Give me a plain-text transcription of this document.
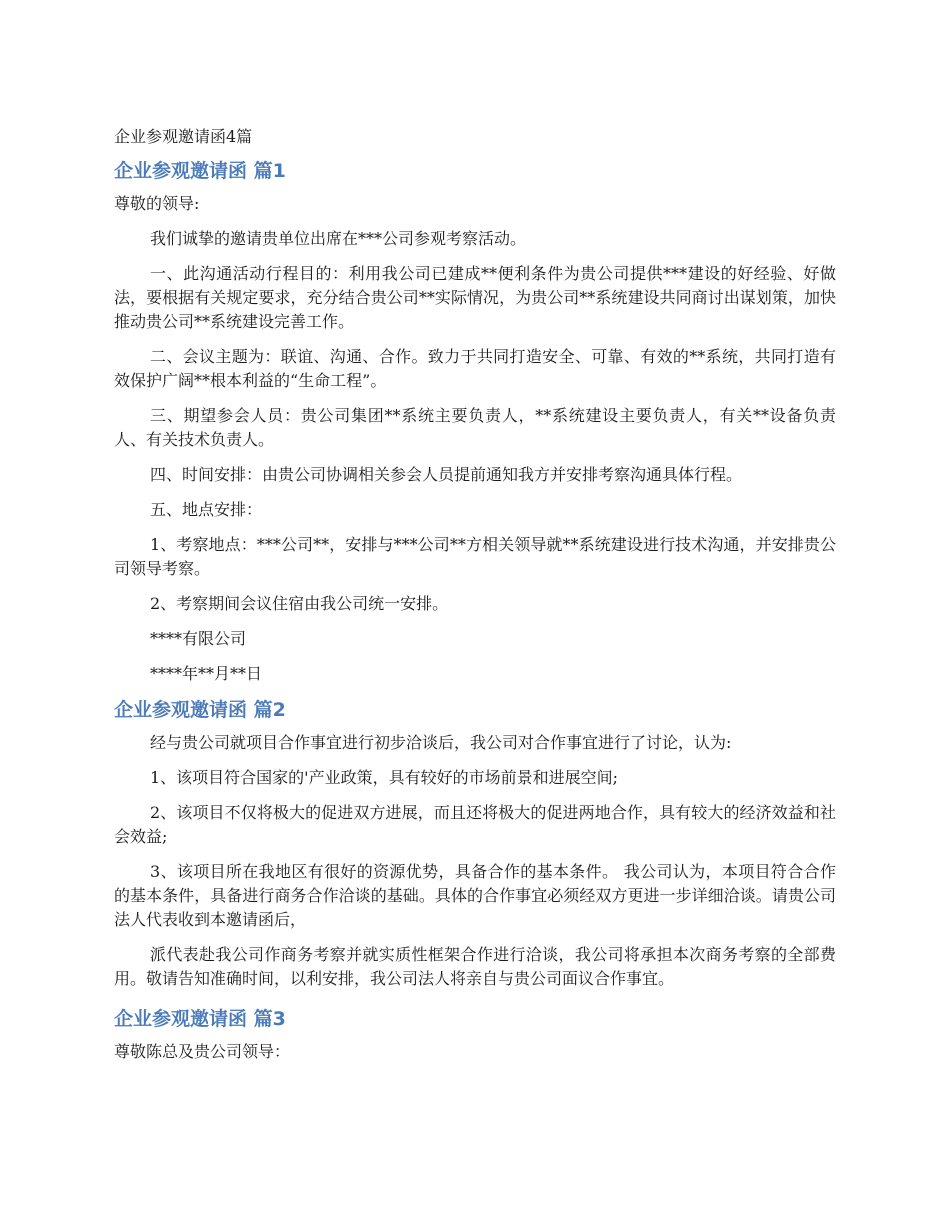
企业参观邀请函4篇
企业参观邀请函 篇1

尊敬的领导:

我们诚挚的邀请贵单位出席在***公司参观考察活动。

一、此沟通活动行程目的：利用我公司已建成**便利条件为贵公司提供***建设的好经验、好做法，要根据有关规定要求，充分结合贵公司**实际情况，为贵公司**系统建设共同商讨出谋划策，加快推动贵公司**系统建设完善工作。

二、会议主题为：联谊、沟通、合作。致力于共同打造安全、可靠、有效的**系统，共同打造有效保护广阔**根本利益的“生命工程”。

三、期望参会人员：贵公司集团**系统主要负责人，**系统建设主要负责人，有关**设备负责人、有关技术负责人。

四、时间安排：由贵公司协调相关参会人员提前通知我方并安排考察沟通具体行程。

五、地点安排：

1、考察地点：***公司**，安排与***公司**方相关领导就**系统建设进行技术沟通，并安排贵公司领导考察。

2、考察期间会议住宿由我公司统一安排。

****有限公司

****年**月**日

企业参观邀请函 篇2

经与贵公司就项目合作事宜进行初步洽谈后，我公司对合作事宜进行了讨论，认为:

1、该项目符合国家的'产业政策，具有较好的市场前景和进展空间;

2、该项目不仅将极大的促进双方进展，而且还将极大的促进两地合作，具有较大的经济效益和社会效益;

3、该项目所在我地区有很好的资源优势，具备合作的基本条件。 我公司认为，本项目符合合作的基本条件，具备进行商务合作洽谈的基础。具体的合作事宜必须经双方更进一步详细洽谈。请贵公司法人代表收到本邀请函后，

派代表赴我公司作商务考察并就实质性框架合作进行洽谈，我公司将承担本次商务考察的全部费用。敬请告知准确时间，以利安排，我公司法人将亲自与贵公司面议合作事宜。

企业参观邀请函 篇3

尊敬陈总及贵公司领导：
